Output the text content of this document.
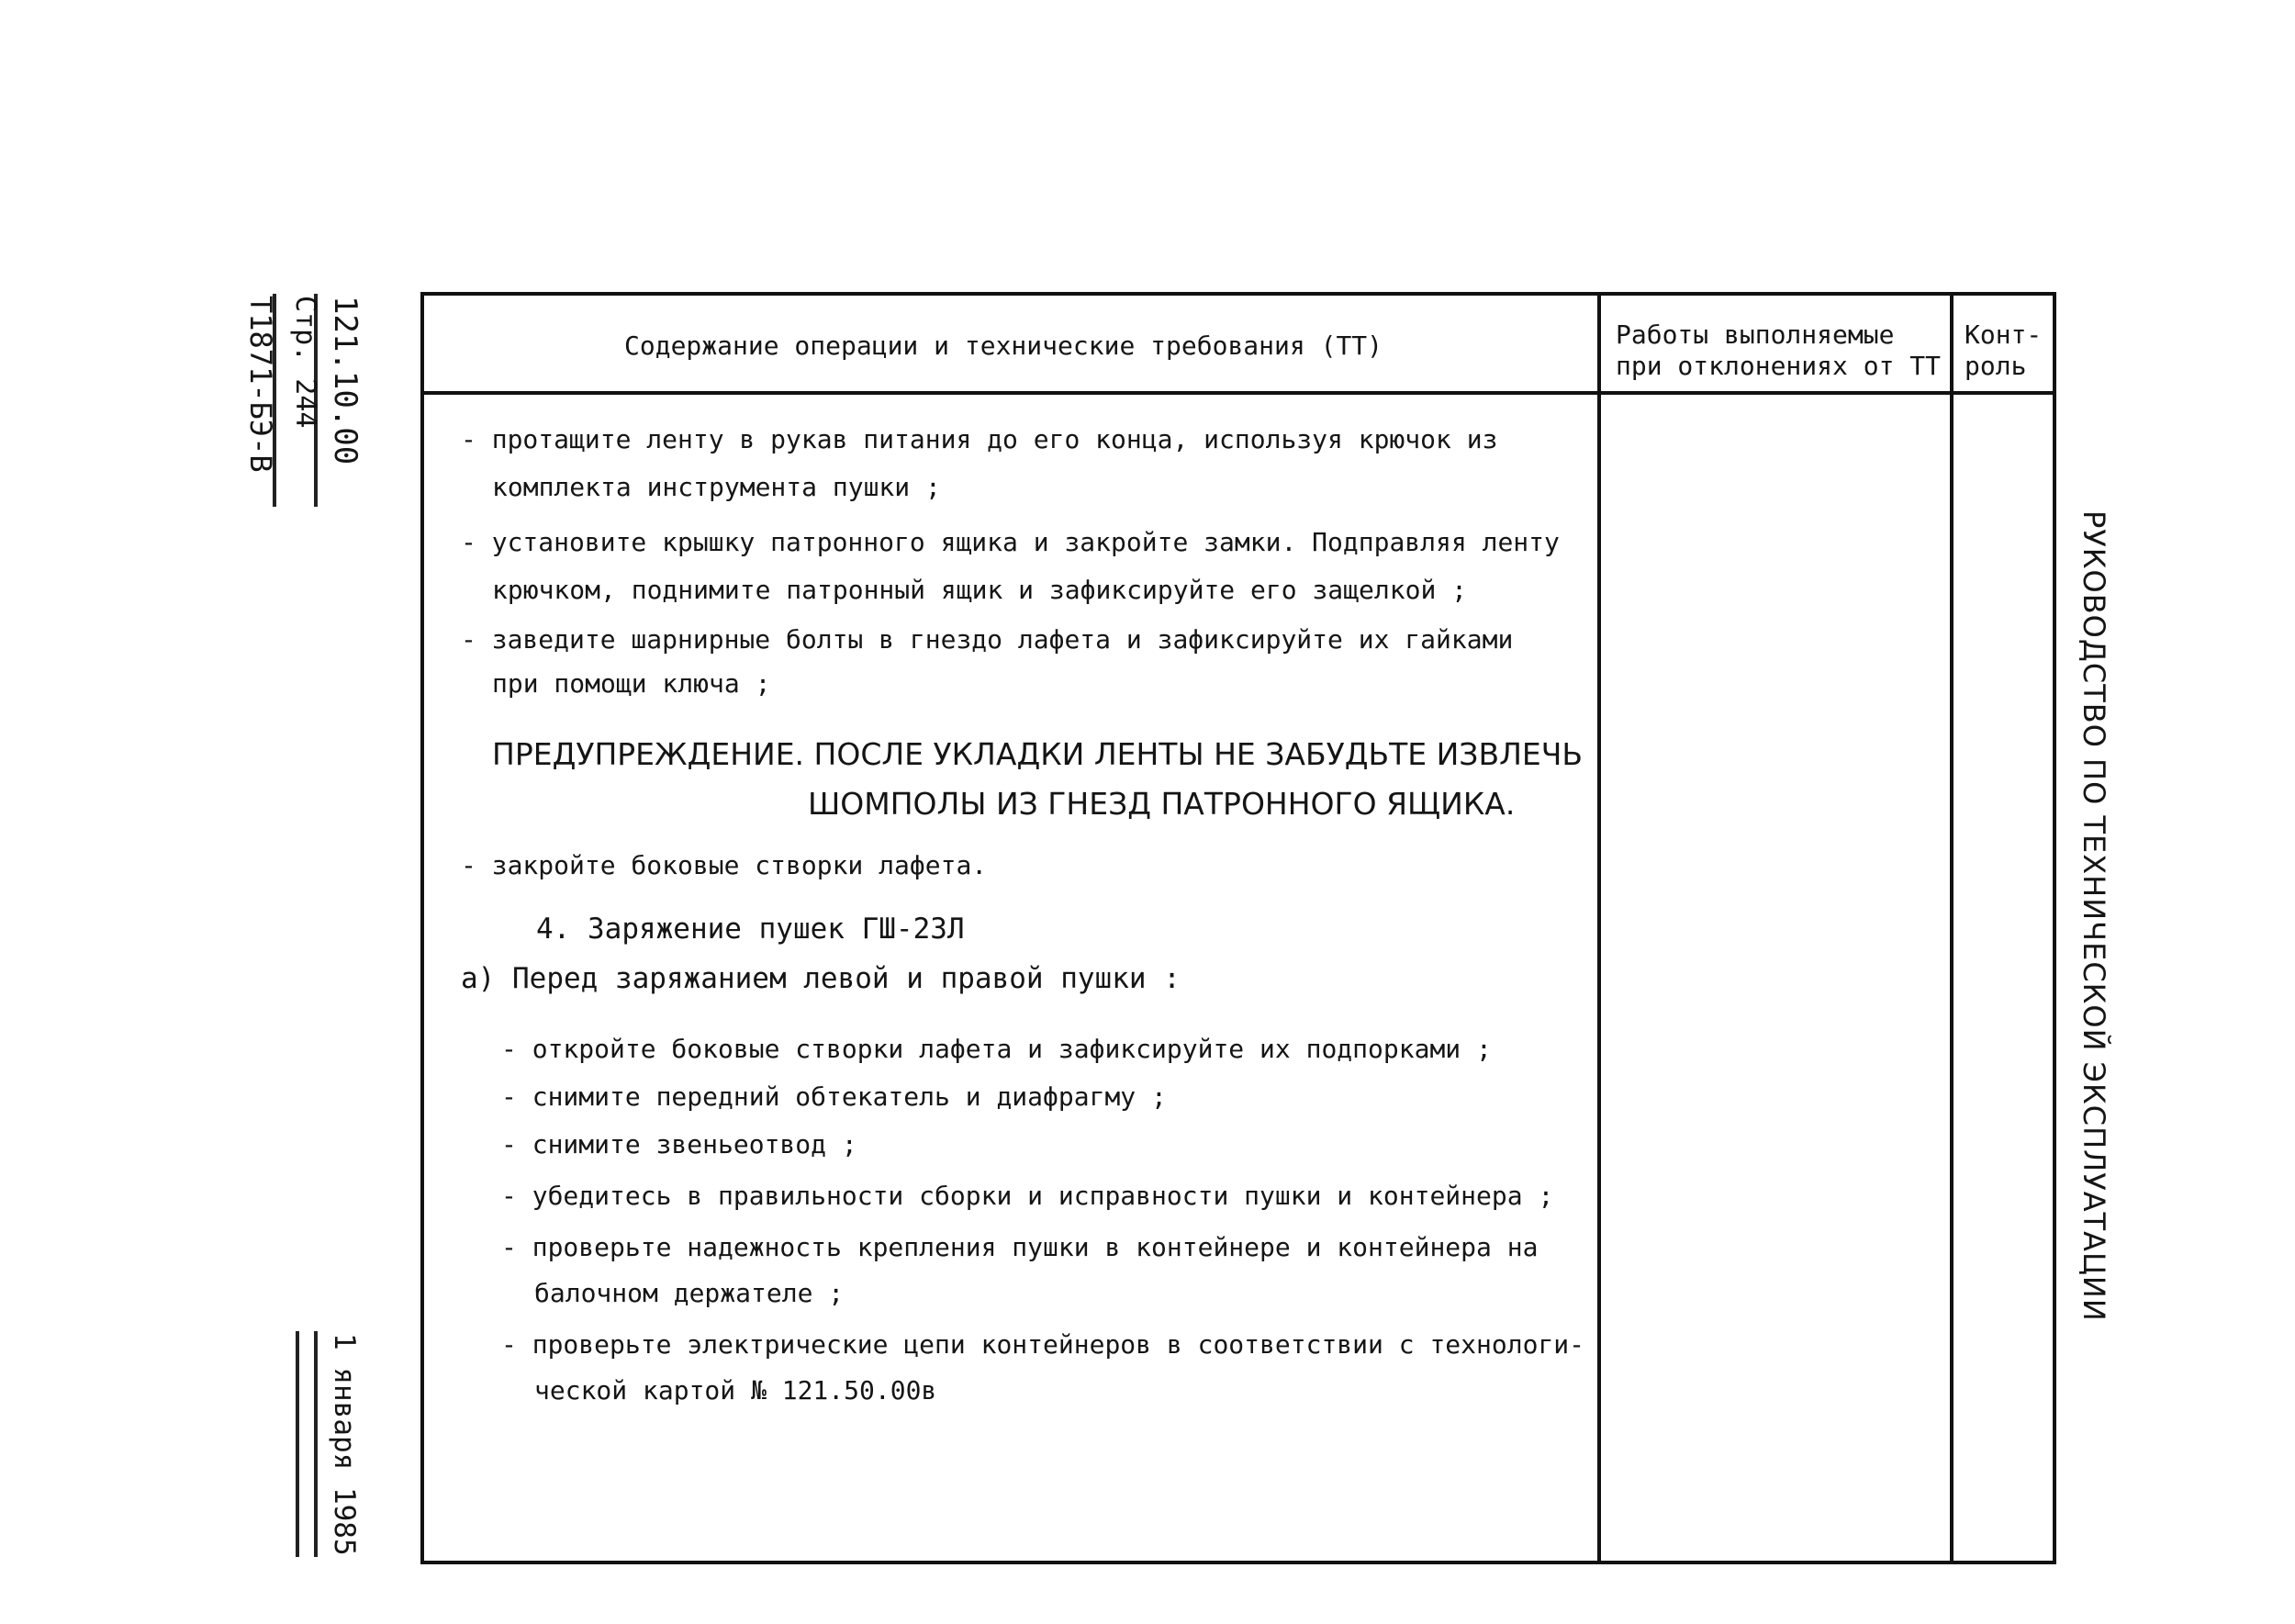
121.10.00
Стр. 244
Т1871-БЭ-В
1 января 1985
Содержание операции и технические требования (ТТ)	Работы выполняемые
при отклонениях от ТТ
Конт-
роль
- протащите ленту в рукав питания до его конца, используя крючок из
комплекта инструмента пушки ;
- установите крышку патронного ящика и закройте замки. Подправляя ленту
крючком, поднимите патронный ящик и зафиксируйте его защелкой ;
- заведите шарнирные болты в гнездо лафета и зафиксируйте их гайками
при помощи ключа ;
ПРЕДУПРЕЖДЕНИЕ. ПОСЛЕ УКЛАДКИ ЛЕНТЫ НЕ ЗАБУДЬТЕ ИЗВЛЕЧЬ
ШОМПОЛЫ ИЗ ГНЕЗД ПАТРОННОГО ЯЩИКА.
- закройте боковые створки лафета.
4. Заряжение пушек ГШ-23Л
а) Перед заряжанием левой и правой пушки :
- откройте боковые створки лафета и зафиксируйте их подпорками ;
- снимите передний обтекатель и диафрагму ;
- снимите звеньеотвод ;
- убедитесь в правильности сборки и исправности пушки и контейнера ;
- проверьте надежность крепления пушки в контейнере и контейнера на
балочном держателе ;
- проверьте электрические цепи контейнеров в соответствии с технологи-
ческой картой № 121.50.00в
РУКОВОДСТВО ПО ТЕХНИЧЕСКОЙ ЭКСПЛУАТАЦИИ
